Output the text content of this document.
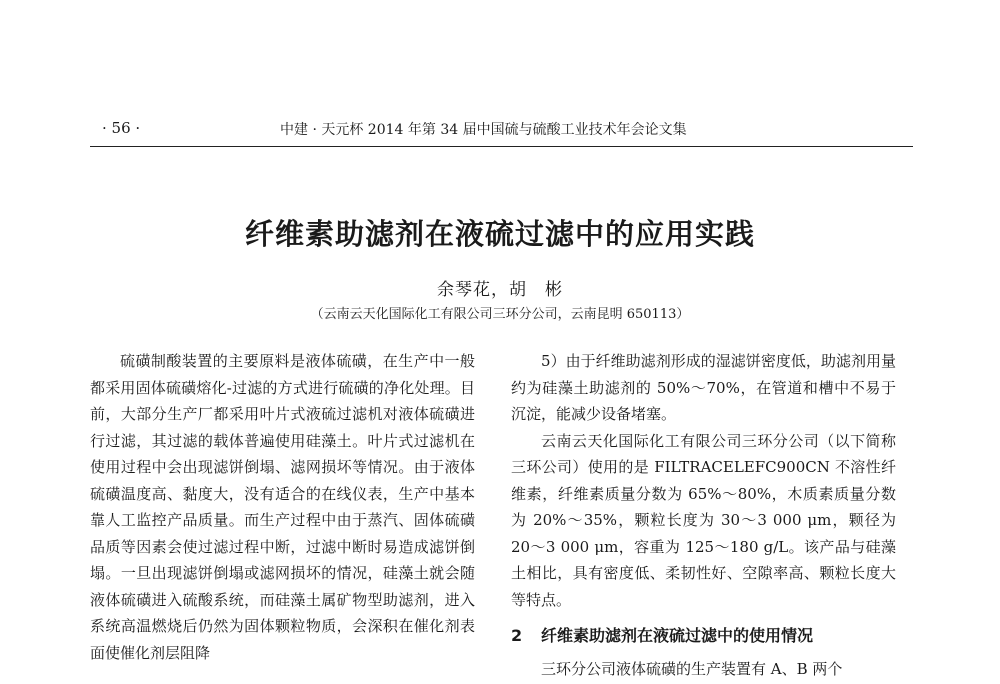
· 56 ·	中建 · 天元杯 2014 年第 34 届中国硫与硫酸工业技术年会论文集
纤维素助滤剂在液硫过滤中的应用实践
余琴花，胡　彬
（云南云天化国际化工有限公司三环分公司，云南昆明 650113）

硫磺制酸装置的主要原料是液体硫磺，在生产中一般都采用固体硫磺熔化-过滤的方式进行硫磺的净化处理。目前，大部分生产厂都采用叶片式液硫过滤机对液体硫磺进行过滤，其过滤的载体普遍使用硅藻土。叶片式过滤机在使用过程中会出现滤饼倒塌、滤网损坏等情况。由于液体硫磺温度高、黏度大，没有适合的在线仪表，生产中基本靠人工监控产品质量。而生产过程中由于蒸汽、固体硫磺品质等因素会使过滤过程中断，过滤中断时易造成滤饼倒塌。一旦出现滤饼倒塌或滤网损坏的情况，硅藻土就会随液体硫磺进入硫酸系统，而硅藻土属矿物型助滤剂，进入系统高温燃烧后仍然为固体颗粒物质，会深积在催化剂表面使催化剂层阻降

5）由于纤维助滤剂形成的湿滤饼密度低，助滤剂用量约为硅藻土助滤剂的 50%～70%，在管道和槽中不易于沉淀，能减少设备堵塞。

云南云天化国际化工有限公司三环分公司（以下简称三环公司）使用的是 FILTRACELEFC900CN 不溶性纤维素，纤维素质量分数为 65%～80%，木质素质量分数为 20%～35%，颗粒长度为 30～3 000 μm，颗径为 20～3 000 μm，容重为 125～180 g/L。该产品与硅藻土相比，具有密度低、柔韧性好、空隙率高、颗粒长度大等特点。

2 纤维素助滤剂在液硫过滤中的使用情况

三环分公司液体硫磺的生产装置有 A、B 两个
